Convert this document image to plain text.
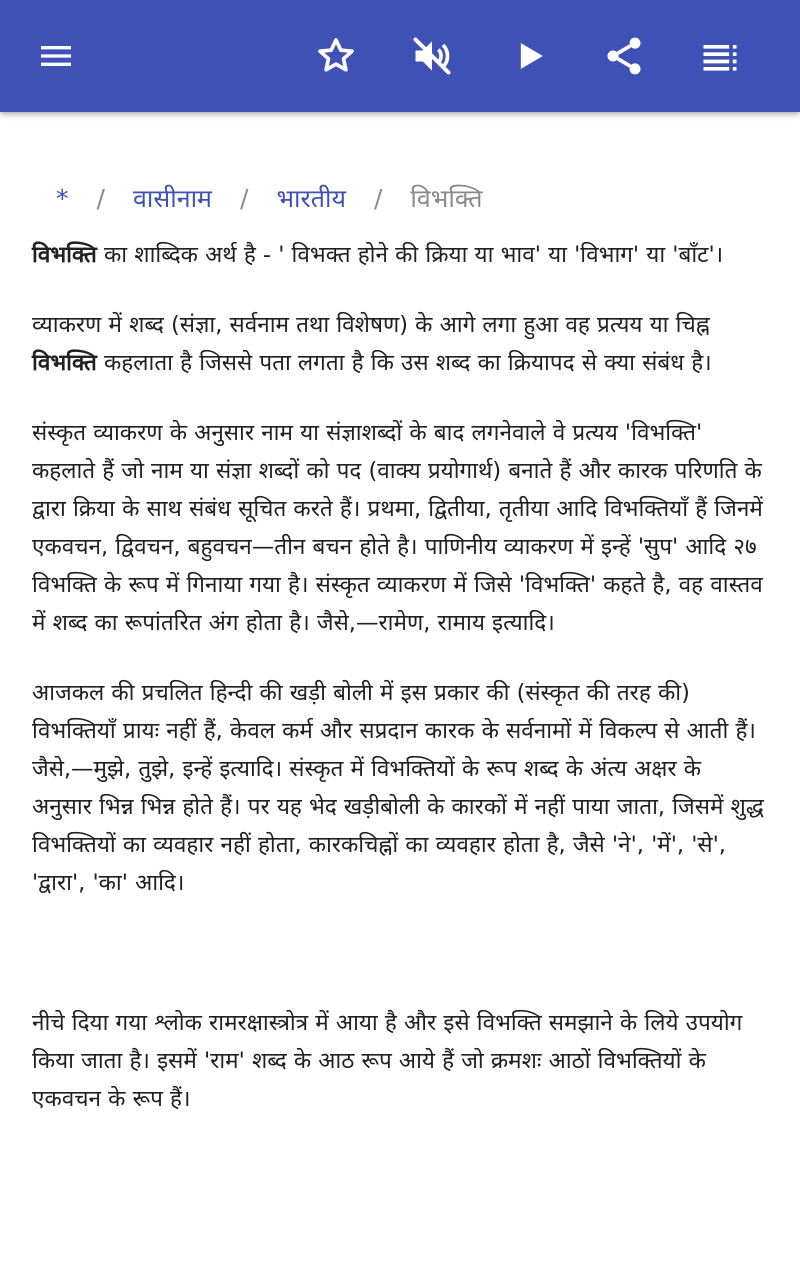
* / वासीनाम / भारतीय / विभक्ति

विभक्ति का शाब्दिक अर्थ है - ' विभक्त होने की क्रिया या भाव' या 'विभाग' या 'बाँट'।

व्याकरण में शब्द (संज्ञा, सर्वनाम तथा विशेषण) के आगे लगा हुआ वह प्रत्यय या चिह्न विभक्ति कहलाता है जिससे पता लगता है कि उस शब्द का क्रियापद से क्या संबंध है।

संस्कृत व्याकरण के अनुसार नाम या संज्ञाशब्दों के बाद लगनेवाले वे प्रत्यय 'विभक्ति' कहलाते हैं जो नाम या संज्ञा शब्दों को पद (वाक्य प्रयोगार्थ) बनाते हैं और कारक परिणति के द्वारा क्रिया के साथ संबंध सूचित करते हैं। प्रथमा, द्वितीया, तृतीया आदि विभक्तियाँ हैं जिनमें एकवचन, द्विवचन, बहुवचन—तीन बचन होते है। पाणिनीय व्याकरण में इन्हें 'सुप' आदि २७ विभक्ति के रूप में गिनाया गया है। संस्कृत व्याकरण में जिसे 'विभक्ति' कहते है, वह वास्तव में शब्द का रूपांतरित अंग होता है। जैसे,—रामेण, रामाय इत्यादि।

आजकल की प्रचलित हिन्दी की खड़ी बोली में इस प्रकार की (संस्कृत की तरह की) विभक्तियाँ प्रायः नहीं हैं, केवल कर्म और सप्रदान कारक के सर्वनामों में विकल्प से आती हैं। जैसे,—मुझे, तुझे, इन्हें इत्यादि। संस्कृत में विभक्तियों के रूप शब्द के अंत्य अक्षर के अनुसार भिन्न भिन्न होते हैं। पर यह भेद खड़ीबोली के कारकों में नहीं पाया जाता, जिसमें शुद्ध विभक्तियों का व्यवहार नहीं होता, कारकचिह्नों का व्यवहार होता है, जैसे 'ने', 'में', 'से', 'द्वारा', 'का' आदि।

नीचे दिया गया श्लोक रामरक्षास्त्रोत्र में आया है और इसे विभक्ति समझाने के लिये उपयोग किया जाता है। इसमें 'राम' शब्द के आठ रूप आये हैं जो क्रमशः आठों विभक्तियों के एकवचन के रूप हैं।
